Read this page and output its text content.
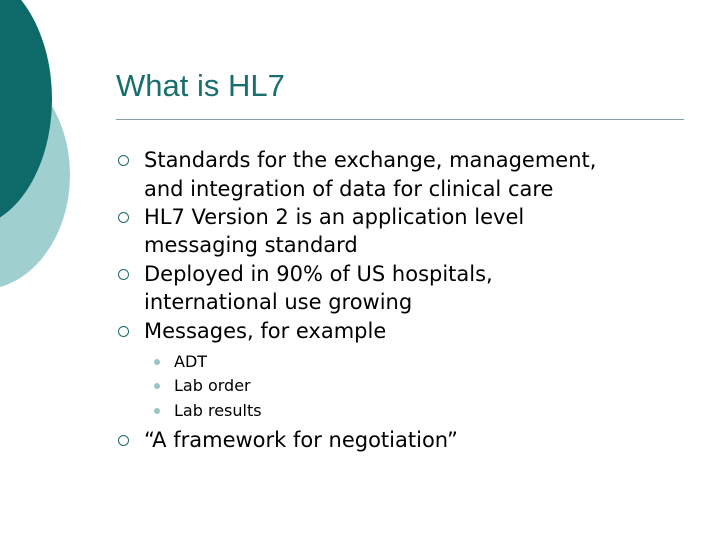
What is HL7
Standards for the exchange, management,
and integration of data for clinical care
HL7 Version 2 is an application level
messaging standard
Deployed in 90% of US hospitals,
international use growing
Messages, for example
ADT
Lab order
Lab results
“A framework for negotiation”
